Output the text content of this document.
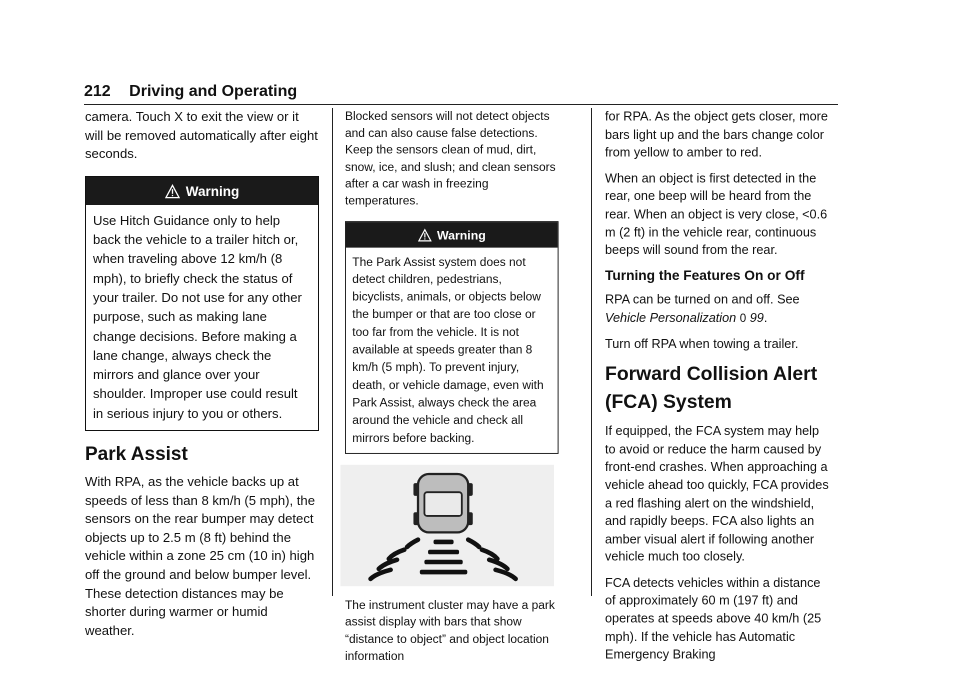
212 Driving and Operating

camera. Touch X to exit the view or it will be removed automatically after eight seconds.

Warning
Use Hitch Guidance only to help back the vehicle to a trailer hitch or, when traveling above 12 km/h (8 mph), to briefly check the status of your trailer. Do not use for any other purpose, such as making lane change decisions. Before making a lane change, always check the mirrors and glance over your shoulder. Improper use could result in serious injury to you or others.
Park Assist

With RPA, as the vehicle backs up at speeds of less than 8 km/h (5 mph), the sensors on the rear bumper may detect objects up to 2.5 m (8 ft) behind the vehicle within a zone 25 cm (10 in) high off the ground and below bumper level. These detection distances may be shorter during warmer or humid weather.

Blocked sensors will not detect objects and can also cause false detections. Keep the sensors clean of mud, dirt, snow, ice, and slush; and clean sensors after a car wash in freezing temperatures.

Warning
The Park Assist system does not detect children, pedestrians, bicyclists, animals, or objects below the bumper or that are too close or too far from the vehicle. It is not available at speeds greater than 8 km/h (5 mph). To prevent injury, death, or vehicle damage, even with Park Assist, always check the area around the vehicle and check all mirrors before backing.

The instrument cluster may have a park assist display with bars that show “distance to object” and object location information

for RPA. As the object gets closer, more bars light up and the bars change color from yellow to amber to red.

When an object is first detected in the rear, one beep will be heard from the rear. When an object is very close, <0.6 m (2 ft) in the vehicle rear, continuous beeps will sound from the rear.

Turning the Features On or Off

RPA can be turned on and off. See Vehicle Personalization 0 99.

Turn off RPA when towing a trailer.

Forward Collision Alert (FCA) System

If equipped, the FCA system may help to avoid or reduce the harm caused by front-end crashes. When approaching a vehicle ahead too quickly, FCA provides a red flashing alert on the windshield, and rapidly beeps. FCA also lights an amber visual alert if following another vehicle much too closely.

FCA detects vehicles within a distance of approximately 60 m (197 ft) and operates at speeds above 40 km/h (25 mph). If the vehicle has Automatic Emergency Braking
